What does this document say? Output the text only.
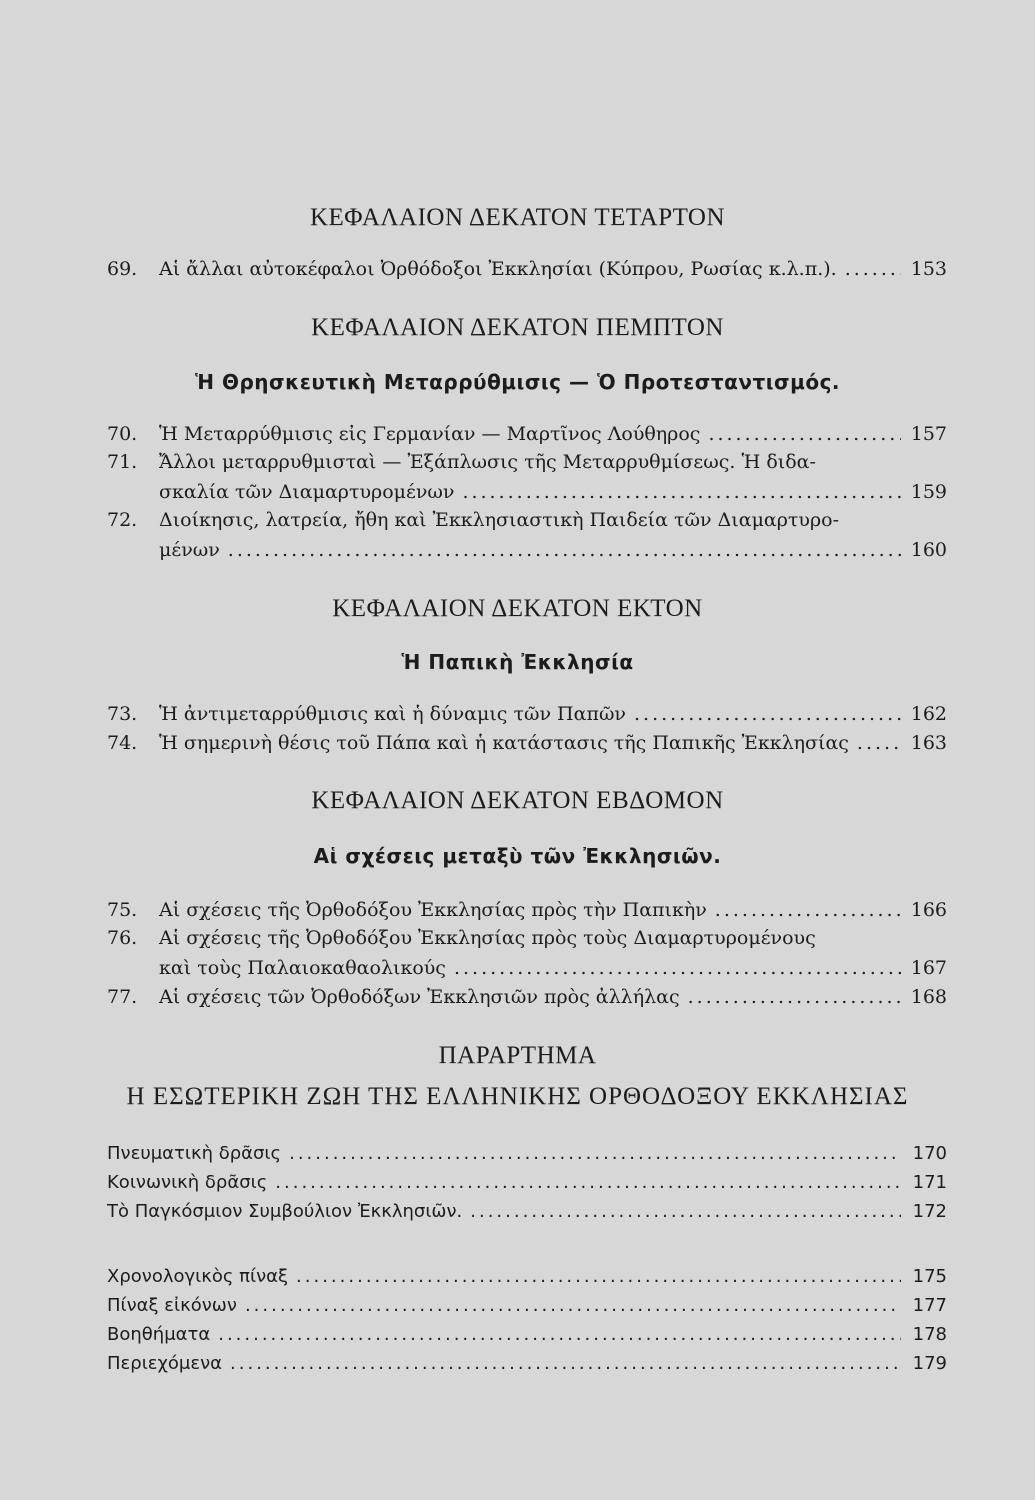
ΚΕΦΑΛΑΙΟΝ ΔΕΚΑΤΟΝ ΤΕΤΑΡΤΟΝ
69.	Αἱ ἄλλαι αὐτοκέφαλοι Ὀρθόδοξοι Ἐκκλησίαι (Κύπρου, Ρωσίας κ.λ.π.). .....	153
ΚΕΦΑΛΑΙΟΝ ΔΕΚΑΤΟΝ ΠΕΜΠΤΟΝ
Ἡ Θρησκευτικὴ Μεταρρύθμισις — Ὁ Προτεσταντισμός.
70.	Ἡ Μεταρρύθμισις εἰς Γερμανίαν — Μαρτῖνος Λούθηρος .....	157
71.	Ἄλλοι μεταρρυθμισταὶ — Ἐξάπλωσις τῆς Μεταρρυθμίσεως. Ἡ διδα-
σκαλία τῶν Διαμαρτυρομένων .....	159
72.	Διοίκησις, λατρεία, ἤθη καὶ Ἐκκλησιαστικὴ Παιδεία τῶν Διαμαρτυρο-
μένων .....	160
ΚΕΦΑΛΑΙΟΝ ΔΕΚΑΤΟΝ ΕΚΤΟΝ
Ἡ Παπικὴ Ἐκκλησία
73.	Ἡ ἀντιμεταρρύθμισις καὶ ἡ δύναμις τῶν Παπῶν .....	162
74.	Ἡ σημερινὴ θέσις τοῦ Πάπα καὶ ἡ κατάστασις τῆς Παπικῆς Ἐκκλησίας .....	163
ΚΕΦΑΛΑΙΟΝ ΔΕΚΑΤΟΝ ΕΒΔΟΜΟΝ
Αἱ σχέσεις μεταξὺ τῶν Ἐκκλησιῶν.
75.	Αἱ σχέσεις τῆς Ὀρθοδόξου Ἐκκλησίας πρὸς τὴν Παπικὴν .....	166
76.	Αἱ σχέσεις τῆς Ὀρθοδόξου Ἐκκλησίας πρὸς τοὺς Διαμαρτυρομένους
καὶ τοὺς Παλαιοκαθαολικούς .....	167
77.	Αἱ σχέσεις τῶν Ὀρθοδόξων Ἐκκλησιῶν πρὸς ἀλλήλας .....	168
ΠΑΡΑΡΤΗΜΑ
Η ΕΣΩΤΕΡΙΚΗ ΖΩΗ ΤΗΣ ΕΛΛΗΝΙΚΗΣ ΟΡΘΟΔΟΞΟΥ ΕΚΚΛΗΣΙΑΣ
Πνευματικὴ δρᾶσις .....	170
Κοινωνικὴ δρᾶσις .....	171
Τὸ Παγκόσμιον Συμβούλιον Ἐκκλησιῶν. .....	172
Χρονολογικὸς πίναξ .....	175
Πίναξ εἰκόνων .....	177
Βοηθήματα .....	178
Περιεχόμενα .....	179
